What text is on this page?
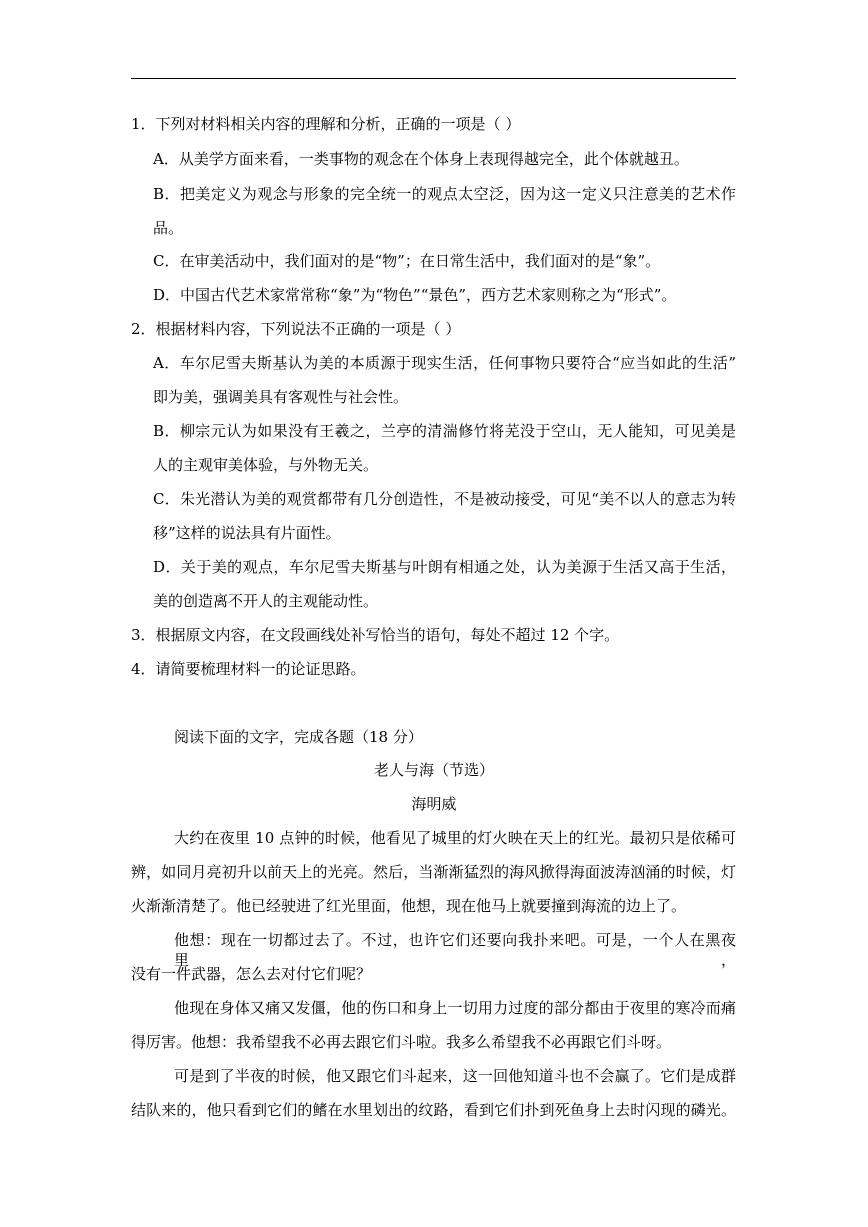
1．下列对材料相关内容的理解和分析，正确的一项是（ ）
A．从美学方面来看，一类事物的观念在个体身上表现得越完全，此个体就越丑。
B．把美定义为观念与形象的完全统一的观点太空泛，因为这一定义只注意美的艺术作
品。
C．在审美活动中，我们面对的是“物”；在日常生活中，我们面对的是“象”。
D．中国古代艺术家常常称“象”为“物色”“景色”，西方艺术家则称之为“形式”。
2．根据材料内容，下列说法不正确的一项是（ ）
A．车尔尼雪夫斯基认为美的本质源于现实生活，任何事物只要符合“应当如此的生活”
即为美，强调美具有客观性与社会性。
B．柳宗元认为如果没有王羲之，兰亭的清湍修竹将芜没于空山，无人能知，可见美是
人的主观审美体验，与外物无关。
C．朱光潜认为美的观赏都带有几分创造性，不是被动接受，可见“美不以人的意志为转
移”这样的说法具有片面性。
D．关于美的观点，车尔尼雪夫斯基与叶朗有相通之处，认为美源于生活又高于生活，
美的创造离不开人的主观能动性。
3．根据原文内容，在文段画线处补写恰当的语句，每处不超过 12 个字。
4．请简要梳理材料一的论证思路。
阅读下面的文字，完成各题（18 分）
老人与海（节选）
海明威
大约在夜里 10 点钟的时候，他看见了城里的灯火映在天上的红光。最初只是依稀可
辨，如同月亮初升以前天上的光亮。然后，当渐渐猛烈的海风掀得海面波涛汹涌的时候，灯
火渐渐清楚了。他已经驶进了红光里面，他想，现在他马上就要撞到海流的边上了。
他想：现在一切都过去了。不过，也许它们还要向我扑来吧。可是，一个人在黑夜里，
没有一件武器，怎么去对付它们呢？
他现在身体又痛又发僵，他的伤口和身上一切用力过度的部分都由于夜里的寒冷而痛
得厉害。他想：我希望我不必再去跟它们斗啦。我多么希望我不必再跟它们斗呀。
可是到了半夜的时候，他又跟它们斗起来，这一回他知道斗也不会赢了。它们是成群
结队来的，他只看到它们的鳍在水里划出的纹路，看到它们扑到死鱼身上去时闪现的磷光。
